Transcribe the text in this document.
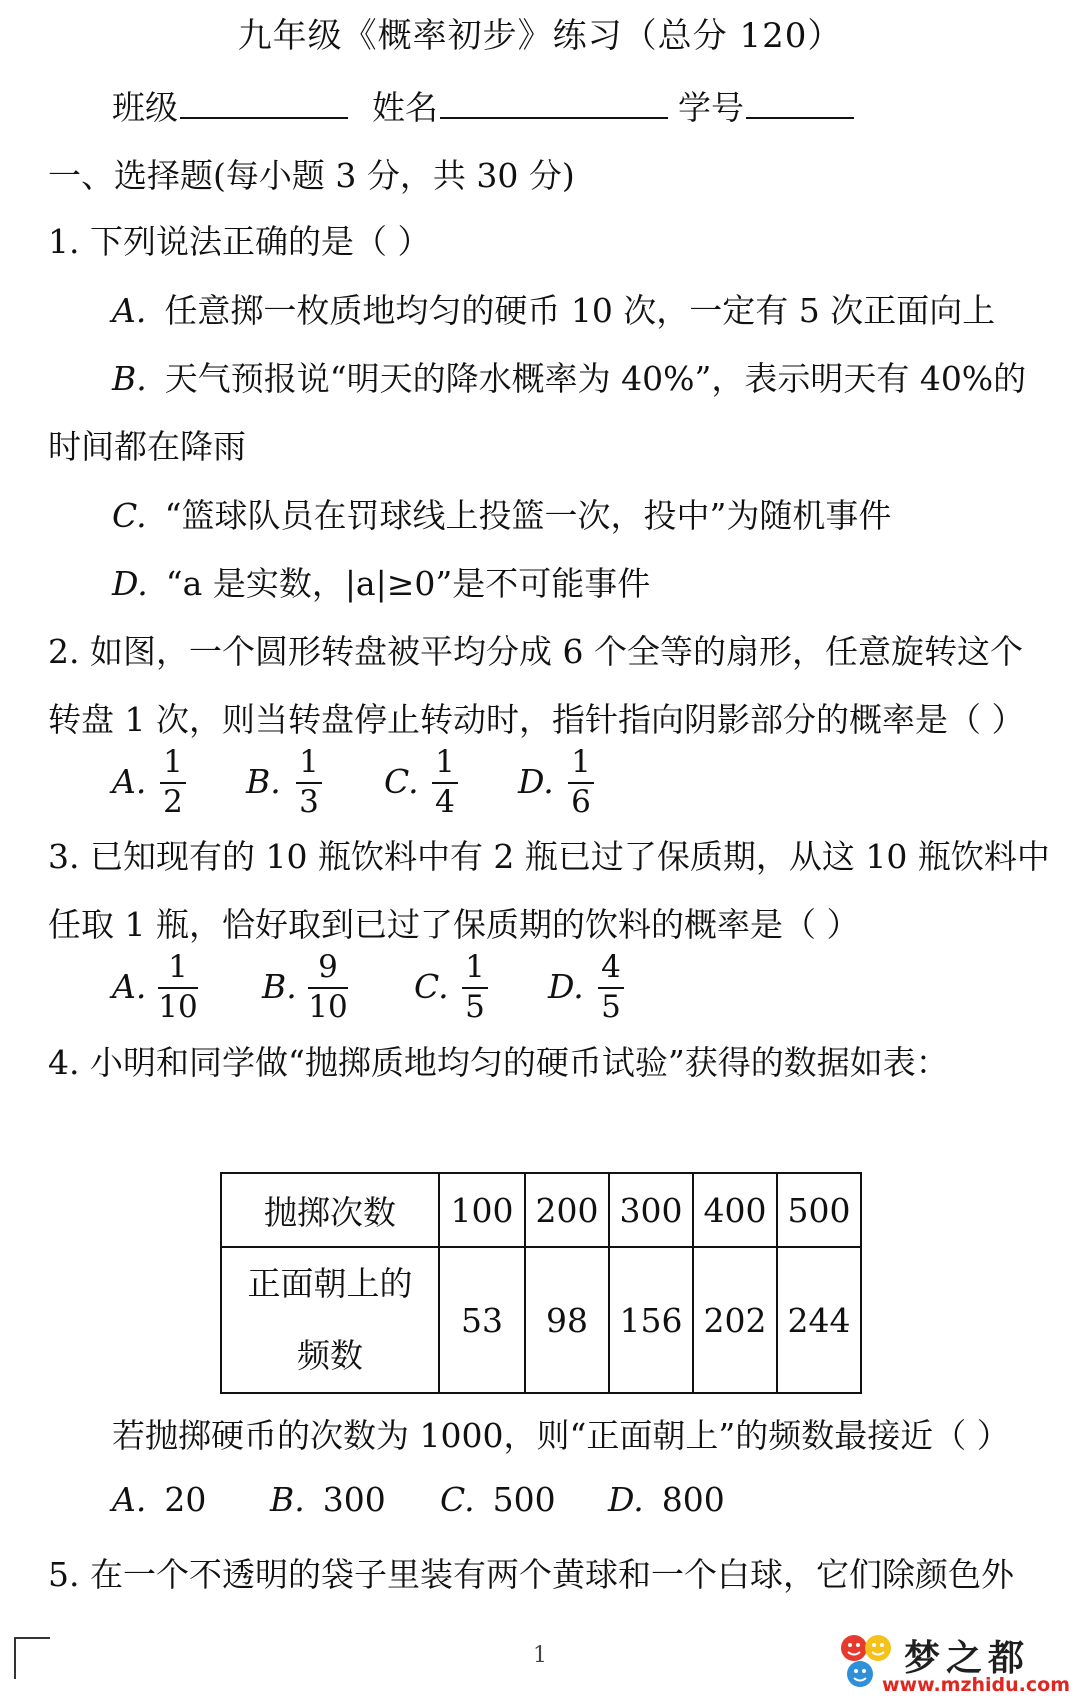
九年级《概率初步》练习（总分 120）
班级	姓名	学号
一、选择题(每小题 3 分，共 30 分)
1. 下列说法正确的是（ ）
A. 任意掷一枚质地均匀的硬币 10 次，一定有 5 次正面向上
B. 天气预报说“明天的降水概率为 40%”，表示明天有 40%的
时间都在降雨
C. “篮球队员在罚球线上投篮一次，投中”为随机事件
D. “a 是实数，|a|≥0”是不可能事件
2. 如图，一个圆形转盘被平均分成 6 个全等的扇形，任意旋转这个
转盘 1 次，则当转盘停止转动时，指针指向阴影部分的概率是（ ）
A. 1
2
B. 1
3
C. 1
4
D. 1
6
3. 已知现有的 10 瓶饮料中有 2 瓶已过了保质期，从这 10 瓶饮料中
任取 1 瓶，恰好取到已过了保质期的饮料的概率是（ ）
A. 1
10
B. 9
10
C. 1
5
D. 4
5
4. 小明和同学做“抛掷质地均匀的硬币试验”获得的数据如表：
抛掷次数	100	200	300	400	500

正面朝上的
频数	53	98	156	202	244
若抛掷硬币的次数为 1000，则“正面朝上”的频数最接近（ ）
A. 20 B. 300 C. 500 D. 800
5. 在一个不透明的袋子里装有两个黄球和一个白球，它们除颜色外
1	梦之都
www.mzhidu.com
